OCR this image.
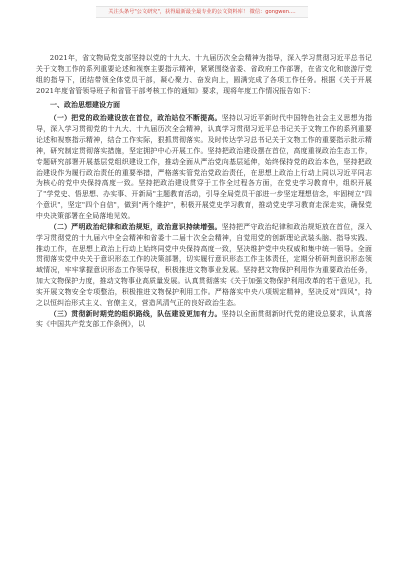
关注头条号"公文研究"，获得最新最全最专业的公文资料库！ 微信：gongwen....

2021年，省文物局党支部坚持以党的十九大、十九届历次全会精神为指导，深入学习贯彻习近平总书记关于文物工作的系列重要论述和视察主要指示精神，紧紧围绕省委、省政府工作部署，在省文化和旅游厅党组的指导下，团结带领全体党员干部，凝心聚力、奋发向上，圆满完成了各项工作任务。根据《关于开展2021年度省管领导班子和省管干部考核工作的通知》要求，现将年度工作情况报告如下：

一、政治思想建设方面

（一）把党的政治建设放在首位，政治站位不断提高。坚持以习近平新时代中国特色社会主义思想为指导，深入学习贯彻党的十九大、十九届历次全会精神，认真学习贯彻习近平总书记关于文物工作的系列重要论述和视察指示精神，结合工作实际，狠抓贯彻落实。及时传达学习总书记关于文物工作的重要指示批示精神，研究制定贯彻落实措施，坚定拥护中心开展工作。坚持把政治建设摆在首位，高度重视政治生态工作，专题研究部署开展基层党组织建设工作，推动全面从严治党向基层延伸，始终保持党的政治本色，坚持把政治建设作为履行政治责任的重要举措，严格落实管党治党政治责任，在思想上政治上行动上同以习近平同志为核心的党中央保持高度一致。坚持把政治建设贯穿于工作全过程各方面，在党史学习教育中，组织开展了"学党史、悟思想、办实事、开新局"主题教育活动，引导全局党员干部进一步坚定理想信念，牢固树立"四个意识"，坚定"四个自信"，做到"两个维护"，积极开展党史学习教育，推动党史学习教育走深走实，确保党中央决策部署在全局落地见效。

（二）严明政治纪律和政治规矩，政治意识持续增强。坚持把严守政治纪律和政治规矩放在首位，深入学习贯彻党的十九届六中全会精神和省委十二届十次全会精神，自觉用党的创新理论武装头脑、指导实践、推动工作，在思想上政治上行动上始终同党中央保持高度一致，坚决维护党中央权威和集中统一领导。全面贯彻落实党中央关于意识形态工作的决策部署，切实履行意识形态工作主体责任，定期分析研判意识形态领域情况，牢牢掌握意识形态工作领导权，积极推进文物事业发展。坚持把文物保护利用作为重要政治任务，加大文物保护力度，推动文物事业高质量发展。认真贯彻落实《关于加强文物保护利用改革的若干意见》，扎实开展文物安全专项整治，积极推进文物保护利用工作。严格落实中央八项规定精神，坚决反对"四风"，持之以恒纠治形式主义、官僚主义，营造风清气正的良好政治生态。

（三）贯彻新时期党的组织路线，队伍建设更加有力。坚持以全面贯彻新时代党的建设总要求，认真落实《中国共产党支部工作条例》，以
